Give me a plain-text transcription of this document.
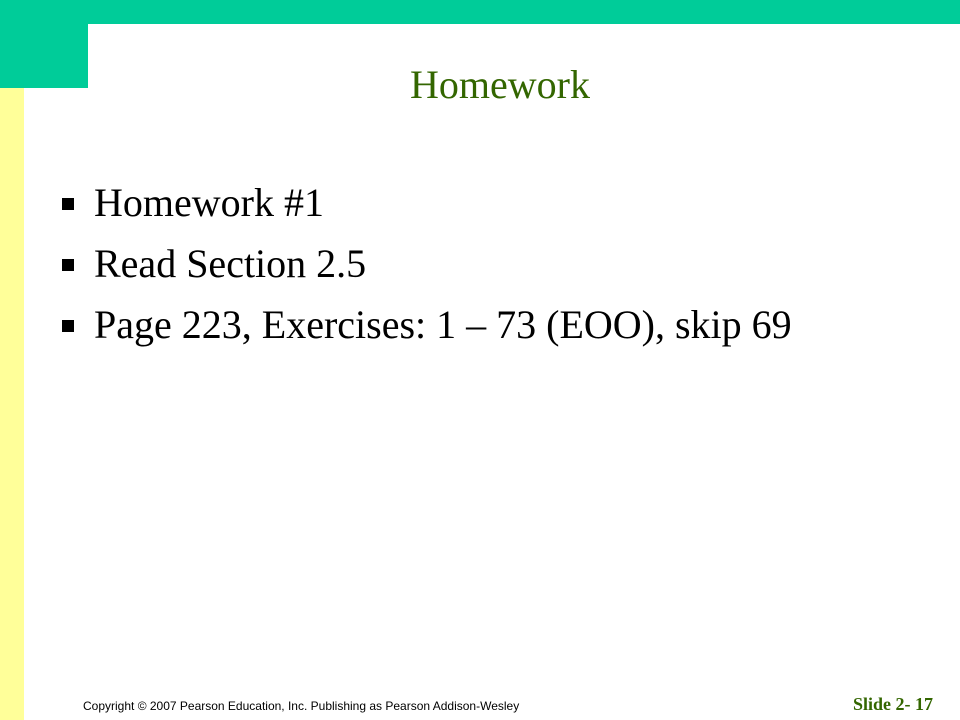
Homework
Homework #1
Read Section 2.5
Page 223, Exercises: 1 – 73 (EOO), skip 69
Copyright © 2007 Pearson Education, Inc. Publishing as Pearson Addison-Wesley	Slide 2- 17
